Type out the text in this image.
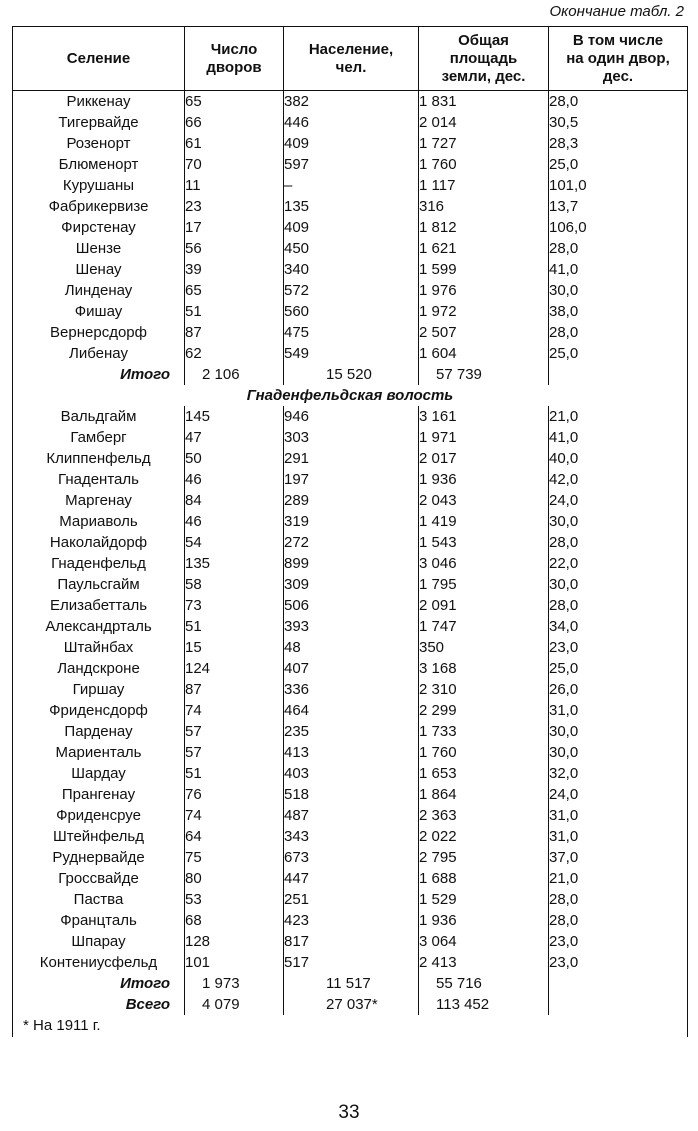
Окончание табл. 2
Селение	Число дворов	Население, чел.	Общая площадь земли, дес.	В том числе на один двор, дес.

Риккенау	65	382	1 831	28,0
Тигервайде	66	446	2 014	30,5
Розенорт	61	409	1 727	28,3
Блюменорт	70	597	1 760	25,0
Курушаны	11	–	1 117	101,0
Фабрикервизе	23	135	316	13,7
Фирстенау	17	409	1 812	106,0
Шензе	56	450	1 621	28,0
Шенау	39	340	1 599	41,0
Линденау	65	572	1 976	30,0
Фишау	51	560	1 972	38,0
Вернерсдорф	87	475	2 507	28,0
Либенау	62	549	1 604	25,0
Итого	2 106	15 520	57 739	
Гнаденфельдская волость				
Вальдгайм	145	946	3 161	21,0
Гамберг	47	303	1 971	41,0
Клиппенфельд	50	291	2 017	40,0
Гнаденталь	46	197	1 936	42,0
Маргенау	84	289	2 043	24,0
Мариаволь	46	319	1 419	30,0
Наколайдорф	54	272	1 543	28,0
Гнаденфельд	135	899	3 046	22,0
Паульсгайм	58	309	1 795	30,0
Елизабетталь	73	506	2 091	28,0
Александрталь	51	393	1 747	34,0
Штайнбах	15	48	350	23,0
Ландскроне	124	407	3 168	25,0
Гиршау	87	336	2 310	26,0
Фриденсдорф	74	464	2 299	31,0
Парденау	57	235	1 733	30,0
Мариенталь	57	413	1 760	30,0
Шардау	51	403	1 653	32,0
Прангенау	76	518	1 864	24,0
Фриденсруе	74	487	2 363	31,0
Штейнфельд	64	343	2 022	31,0
Руднервайде	75	673	2 795	37,0
Гроссвайде	80	447	1 688	21,0
Паства	53	251	1 529	28,0
Францталь	68	423	1 936	28,0
Шпарау	128	817	3 064	23,0
Контениусфельд	101	517	2 413	23,0
Итого	1 973	11 517	55 716	
Всего	4 079	27 037*	113 452	
* На 1911 г.				
33
